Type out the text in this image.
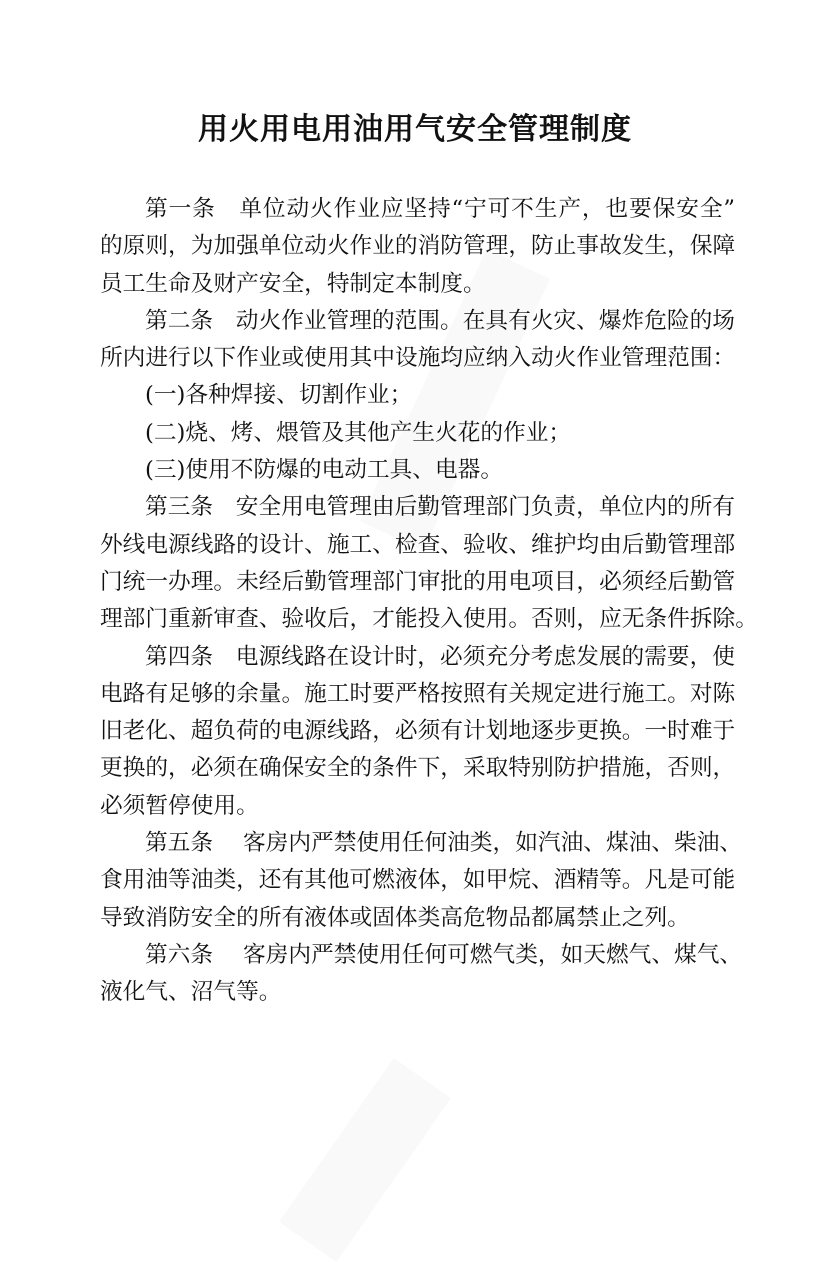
用火用电用油用气安全管理制度
第一条　单位动火作业应坚持“宁可不生产，也要保安全”
的原则，为加强单位动火作业的消防管理，防止事故发生，保障
员工生命及财产安全，特制定本制度。
第二条　动火作业管理的范围。在具有火灾、爆炸危险的场
所内进行以下作业或使用其中设施均应纳入动火作业管理范围：
(一)各种焊接、切割作业；
(二)烧、烤、煨管及其他产生火花的作业；
(三)使用不防爆的电动工具、电器。
第三条　安全用电管理由后勤管理部门负责，单位内的所有
外线电源线路的设计、施工、检查、验收、维护均由后勤管理部
门统一办理。未经后勤管理部门审批的用电项目，必须经后勤管
理部门重新审查、验收后，才能投入使用。否则，应无条件拆除。
第四条　电源线路在设计时，必须充分考虑发展的需要，使
电路有足够的余量。施工时要严格按照有关规定进行施工。对陈
旧老化、超负荷的电源线路，必须有计划地逐步更换。一时难于
更换的，必须在确保安全的条件下，采取特别防护措施，否则，
必须暂停使用。
第五条　 客房内严禁使用任何油类，如汽油、煤油、柴油、
食用油等油类，还有其他可燃液体，如甲烷、酒精等。凡是可能
导致消防安全的所有液体或固体类高危物品都属禁止之列。
第六条　 客房内严禁使用任何可燃气类，如天燃气、煤气、
液化气、沼气等。
